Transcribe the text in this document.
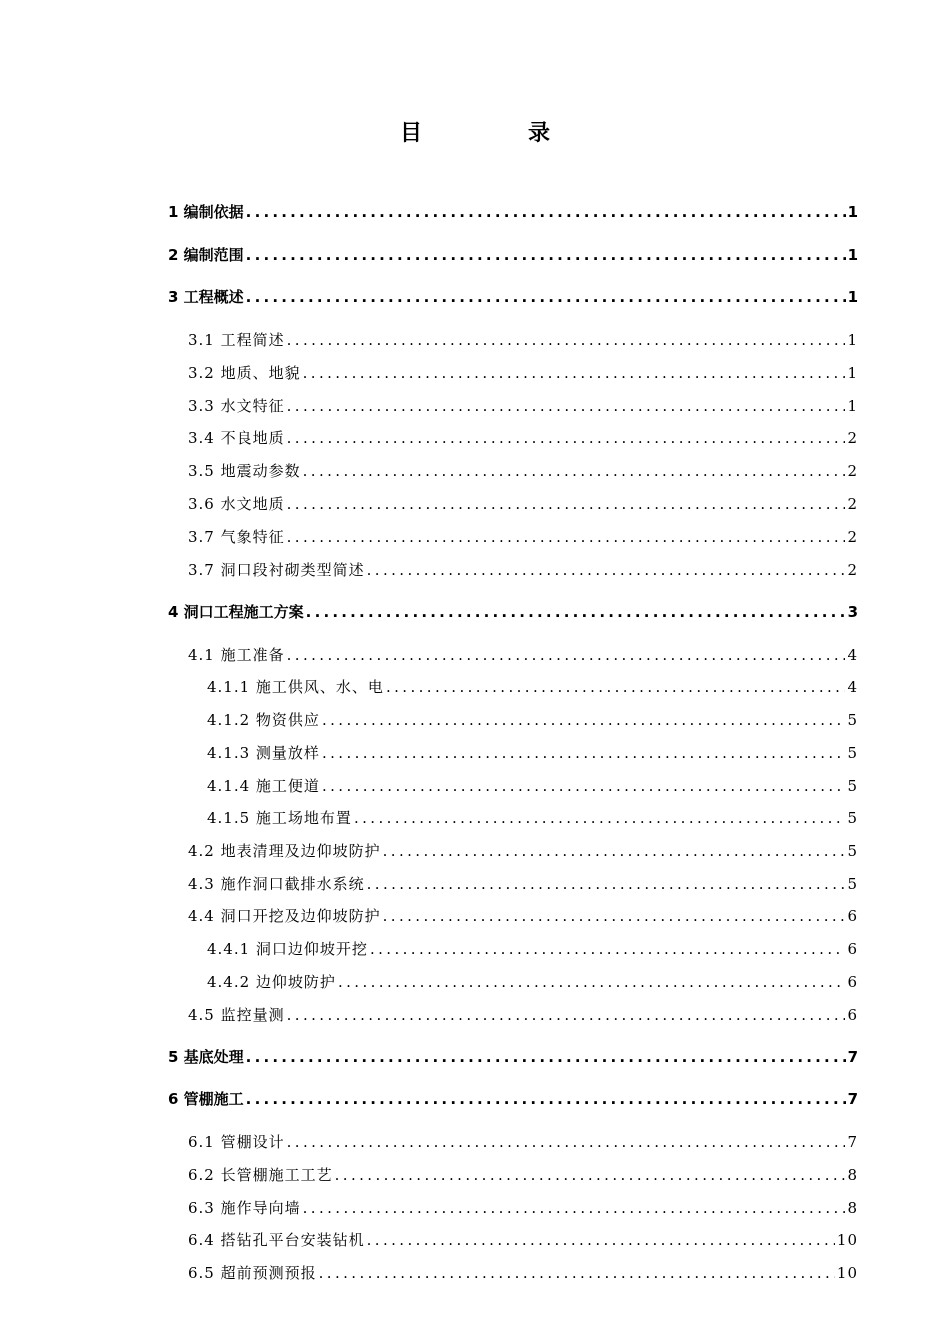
目　录
1 编制依据 .....	1
2 编制范围 .....	1
3 工程概述 .....	1
3.1 工程简述 .....	1
3.2 地质、地貌 .....	1
3.3 水文特征 .....	1
3.4 不良地质 .....	2
3.5 地震动参数 .....	2
3.6 水文地质 .....	2
3.7 气象特征 .....	2
3.7 洞口段衬砌类型简述 .....	2
4 洞口工程施工方案 .....	3
4.1 施工准备 .....	4
4.1.1 施工供风、水、电 .....	4
4.1.2 物资供应 .....	5
4.1.3 测量放样 .....	5
4.1.4 施工便道 .....	5
4.1.5 施工场地布置 .....	5
4.2 地表清理及边仰坡防护 .....	5
4.3 施作洞口截排水系统 .....	5
4.4 洞口开挖及边仰坡防护 .....	6
4.4.1 洞口边仰坡开挖 .....	6
4.4.2 边仰坡防护 .....	6
4.5 监控量测 .....	6
5 基底处理 .....	7
6 管棚施工 .....	7
6.1 管棚设计 .....	7
6.2 长管棚施工工艺 .....	8
6.3 施作导向墙 .....	8
6.4 搭钻孔平台安装钻机 .....	10
6.5 超前预测预报 .....	10
